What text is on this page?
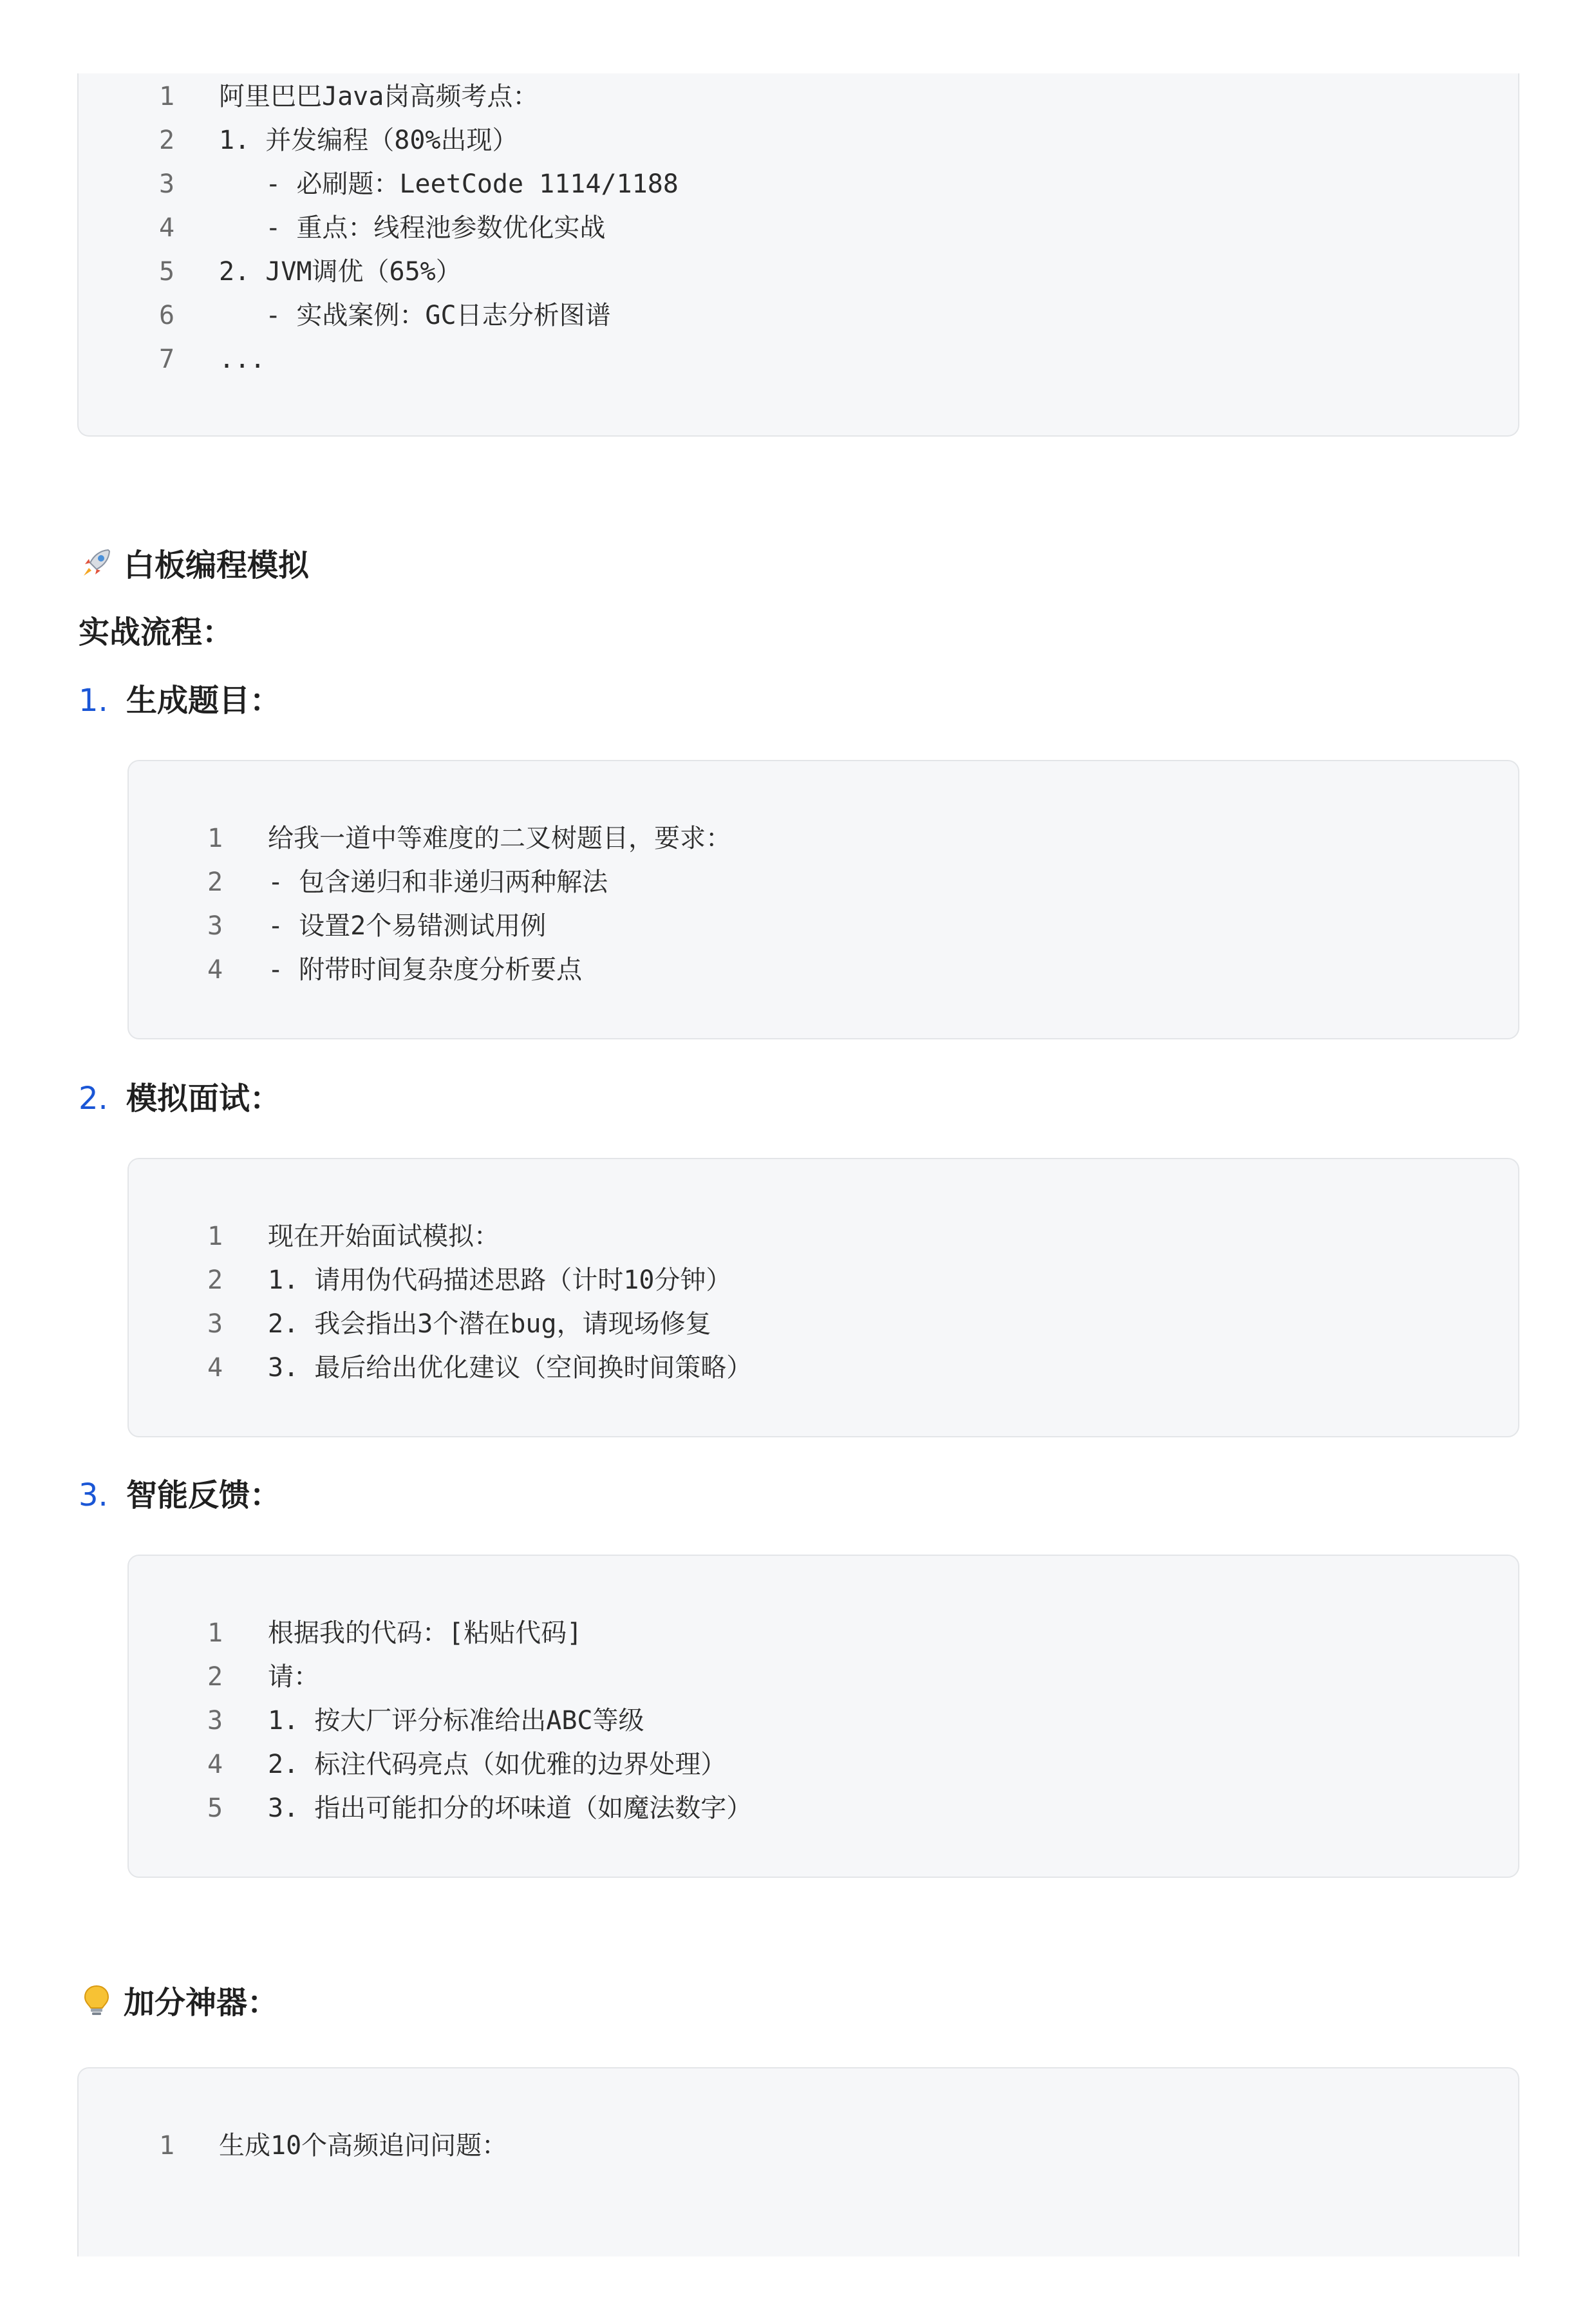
1

阿里巴巴Java岗高频考点：

2

1. 并发编程（80%出现）

3

- 必刷题：LeetCode 1114/1188

4

- 重点：线程池参数优化实战

5

2. JVM调优（65%）

6

- 实战案例：GC日志分析图谱

7

...

白板编程模拟
实战流程：
1. 生成题目：

1

给我一道中等难度的二叉树题目，要求：

2

- 包含递归和非递归两种解法

3

- 设置2个易错测试用例

4

- 附带时间复杂度分析要点

2. 模拟面试：

1

现在开始面试模拟：

2

1. 请用伪代码描述思路（计时10分钟）

3

2. 我会指出3个潜在bug，请现场修复

4

3. 最后给出优化建议（空间换时间策略）

3. 智能反馈：

1

根据我的代码：[粘贴代码]

2

请：

3

1. 按大厂评分标准给出ABC等级

4

2. 标注代码亮点（如优雅的边界处理）

5

3. 指出可能扣分的坏味道（如魔法数字）

加分神器：

1

生成10个高频追问问题：
